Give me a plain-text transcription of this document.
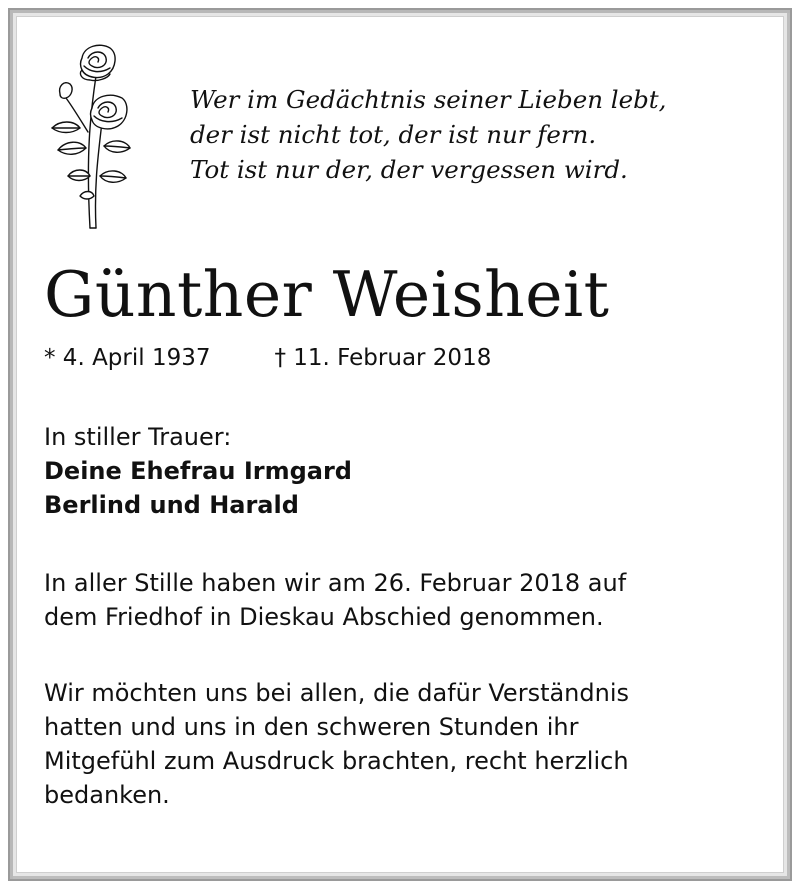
Wer im Gedächtnis seiner Lieben lebt,
der ist nicht tot, der ist nur fern.
Tot ist nur der, der vergessen wird.
Günther Weisheit
* 4. April 1937	† 11. Februar 2018
In stiller Trauer:
Deine Ehefrau Irmgard
Berlind und Harald
In aller Stille haben wir am 26. Februar 2018 auf
dem Friedhof in Dieskau Abschied genommen.
Wir möchten uns bei allen, die dafür Verständnis
hatten und uns in den schweren Stunden ihr
Mitgefühl zum Ausdruck brachten, recht herzlich
bedanken.
